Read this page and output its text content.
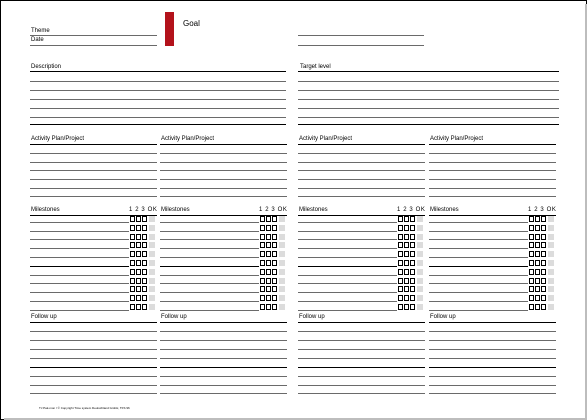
Theme
Date
Goal
Description	Target level
Activity Plan/Project
Milestones	1 2 3 OK
Follow up
Activity Plan/Project
Milestones	1 2 3 OK
Follow up
Activity Plan/Project
Milestones	1 2 3 OK
Follow up
Activity Plan/Project
Milestones	1 2 3 OK
Follow up
TJ Pak-mon / © Copyright Time system Deutschland GmbH, TFS 96
